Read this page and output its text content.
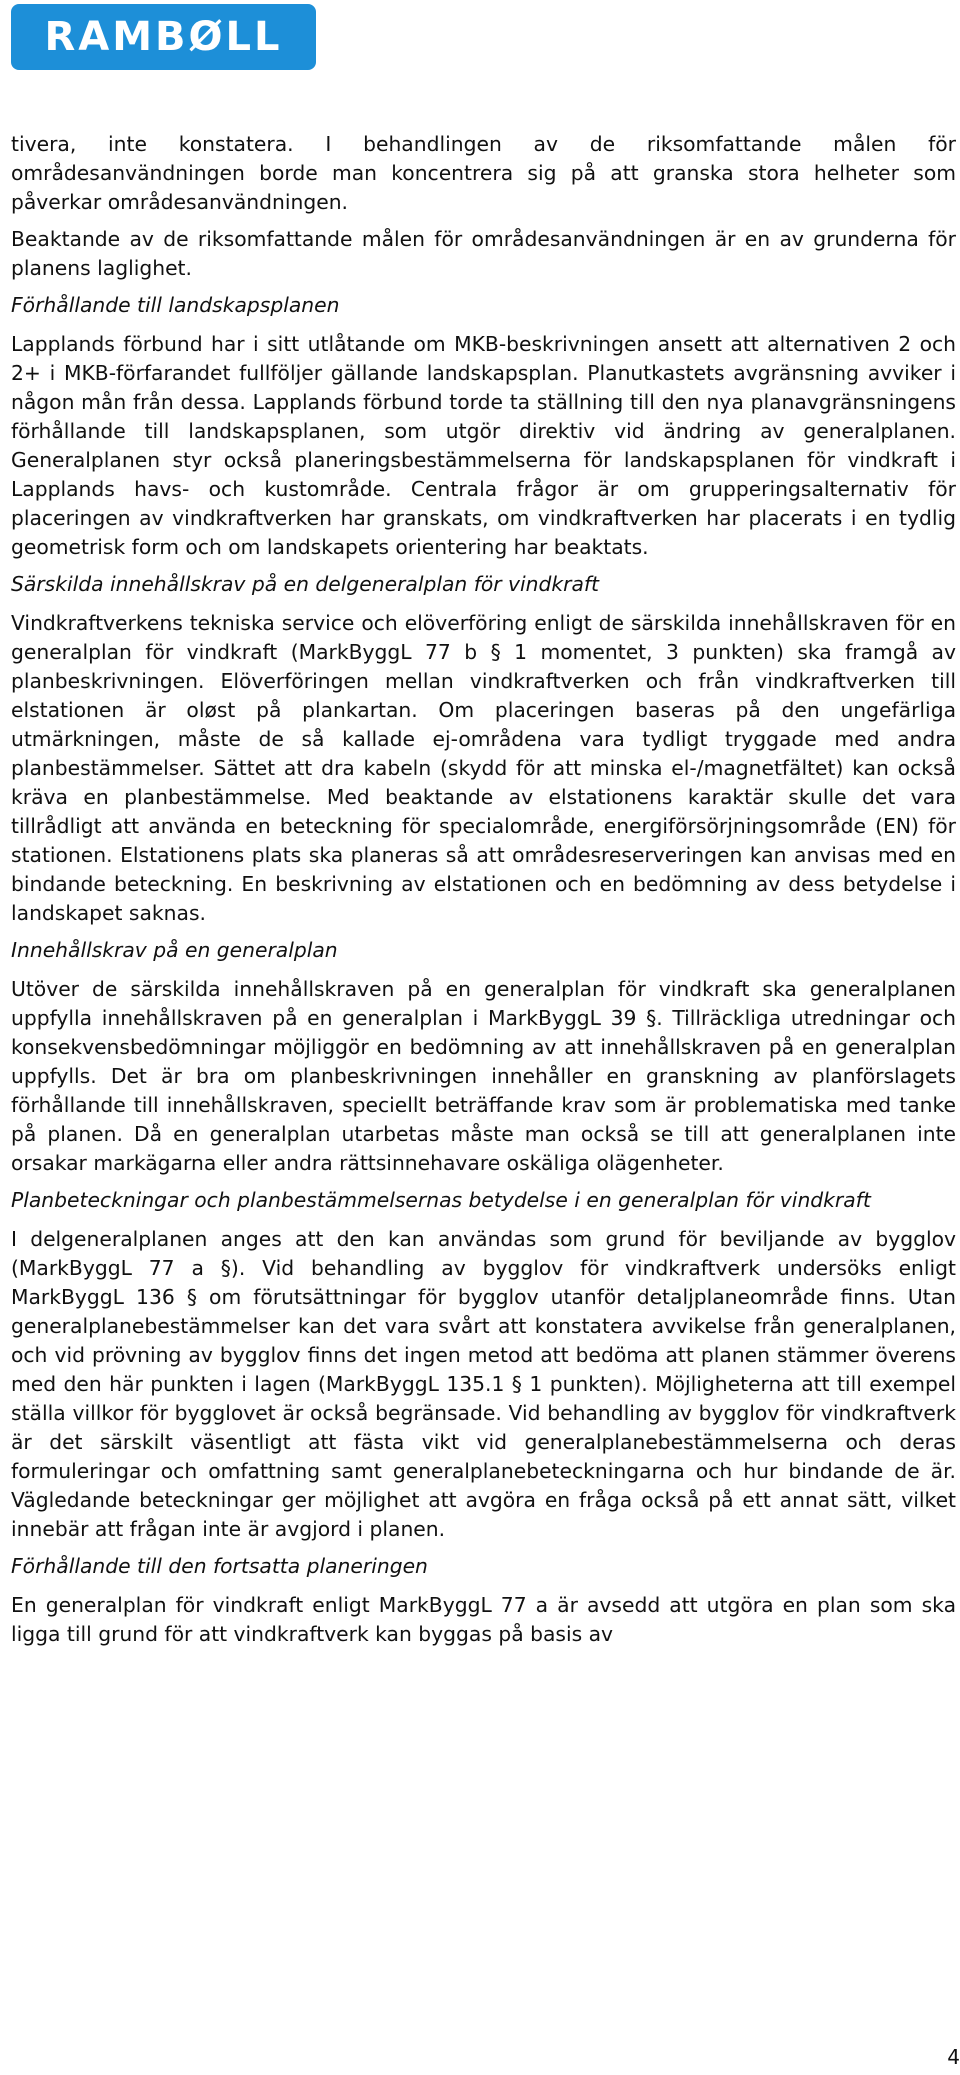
RAMBØLL

tivera, inte konstatera. I behandlingen av de riksomfattande målen för områdesanvändningen borde man koncentrera sig på att granska stora helheter som påverkar områdesanvändningen.

Beaktande av de riksomfattande målen för områdesanvändningen är en av grunderna för planens laglighet.

Förhållande till landskapsplanen

Lapplands förbund har i sitt utlåtande om MKB-beskrivningen ansett att alternativen 2 och 2+ i MKB-förfarandet fullföljer gällande landskapsplan. Planutkastets avgränsning avviker i någon mån från dessa. Lapplands förbund torde ta ställning till den nya planavgränsningens förhållande till landskapsplanen, som utgör direktiv vid ändring av generalplanen. Generalplanen styr också planeringsbestämmelserna för landskapsplanen för vindkraft i Lapplands havs- och kustområde. Centrala frågor är om grupperingsalternativ för placeringen av vindkraftverken har granskats, om vindkraftverken har placerats i en tydlig geometrisk form och om landskapets orientering har beaktats.

Särskilda innehållskrav på en delgeneralplan för vindkraft

Vindkraftverkens tekniska service och elöverföring enligt de särskilda innehållskraven för en generalplan för vindkraft (MarkByggL 77 b § 1 momentet, 3 punkten) ska framgå av planbeskrivningen. Elöverföringen mellan vindkraftverken och från vindkraftverken till elstationen är oløst på plankartan. Om placeringen baseras på den ungefärliga utmärkningen, måste de så kallade ej-områdena vara tydligt tryggade med andra planbestämmelser. Sättet att dra kabeln (skydd för att minska el-/magnetfältet) kan också kräva en planbestämmelse. Med beaktande av elstationens karaktär skulle det vara tillrådligt att använda en beteckning för specialområde, energiförsörjningsområde (EN) för stationen. Elstationens plats ska planeras så att områdesreserveringen kan anvisas med en bindande beteckning. En beskrivning av elstationen och en bedömning av dess betydelse i landskapet saknas.

Innehållskrav på en generalplan

Utöver de särskilda innehållskraven på en generalplan för vindkraft ska generalplanen uppfylla innehållskraven på en generalplan i MarkByggL 39 §. Tillräckliga utredningar och konsekvensbedömningar möjliggör en bedömning av att innehållskraven på en generalplan uppfylls. Det är bra om planbeskrivningen innehåller en granskning av planförslagets förhållande till innehållskraven, speciellt beträffande krav som är problematiska med tanke på planen. Då en generalplan utarbetas måste man också se till att generalplanen inte orsakar markägarna eller andra rättsinnehavare oskäliga olägenheter.

Planbeteckningar och planbestämmelsernas betydelse i en generalplan för vindkraft

I delgeneralplanen anges att den kan användas som grund för beviljande av bygglov (MarkByggL 77 a §). Vid behandling av bygglov för vindkraftverk undersöks enligt MarkByggL 136 § om förutsättningar för bygglov utanför detaljplaneområde finns. Utan generalplanebestämmelser kan det vara svårt att konstatera avvikelse från generalplanen, och vid prövning av bygglov finns det ingen metod att bedöma att planen stämmer överens med den här punkten i lagen (MarkByggL 135.1 § 1 punkten). Möjligheterna att till exempel ställa villkor för bygglovet är också begränsade. Vid behandling av bygglov för vindkraftverk är det särskilt väsentligt att fästa vikt vid generalplanebestämmelserna och deras formuleringar och omfattning samt generalplanebeteckningarna och hur bindande de är. Vägledande beteckningar ger möjlighet att avgöra en fråga också på ett annat sätt, vilket innebär att frågan inte är avgjord i planen.

Förhållande till den fortsatta planeringen

En generalplan för vindkraft enligt MarkByggL 77 a är avsedd att utgöra en plan som ska ligga till grund för att vindkraftverk kan byggas på basis av

4
